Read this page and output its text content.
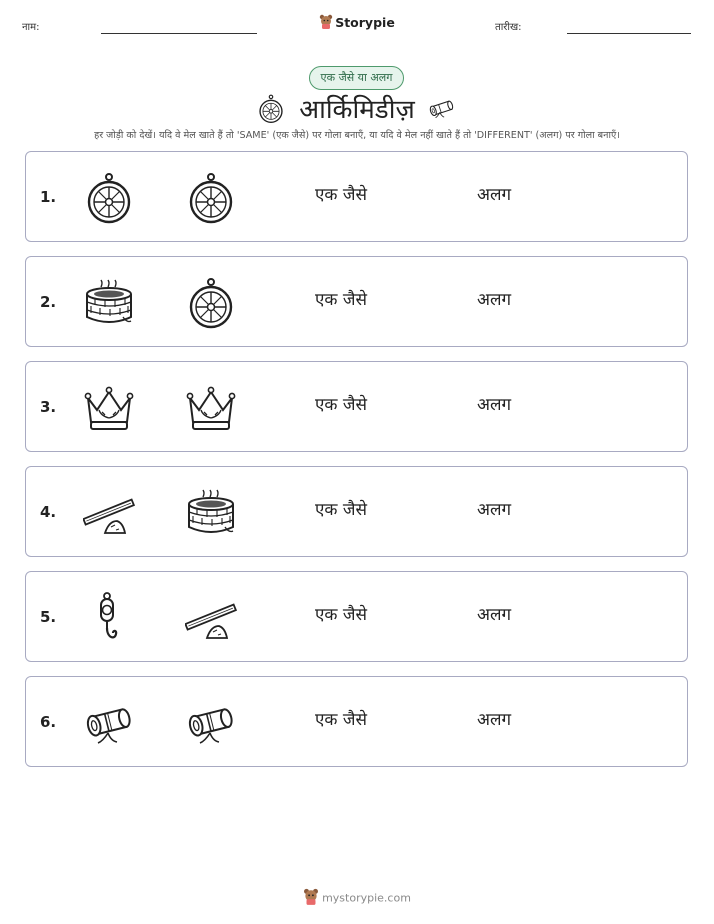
नाम:	Storypie	तारीख:
एक जैसे या अलग
आर्किमिडीज़
हर जोड़ी को देखें। यदि वे मेल खाते हैं तो 'SAME' (एक जैसे) पर गोला बनाएँ, या यदि वे मेल नहीं खाते हैं तो 'DIFFERENT' (अलग) पर गोला बनाएँ।
1.	एक जैसे	अलग
2.	एक जैसे	अलग
3.	एक जैसे	अलग
4.	एक जैसे	अलग
5.	एक जैसे	अलग
6.	एक जैसे	अलग
mystorypie.com
